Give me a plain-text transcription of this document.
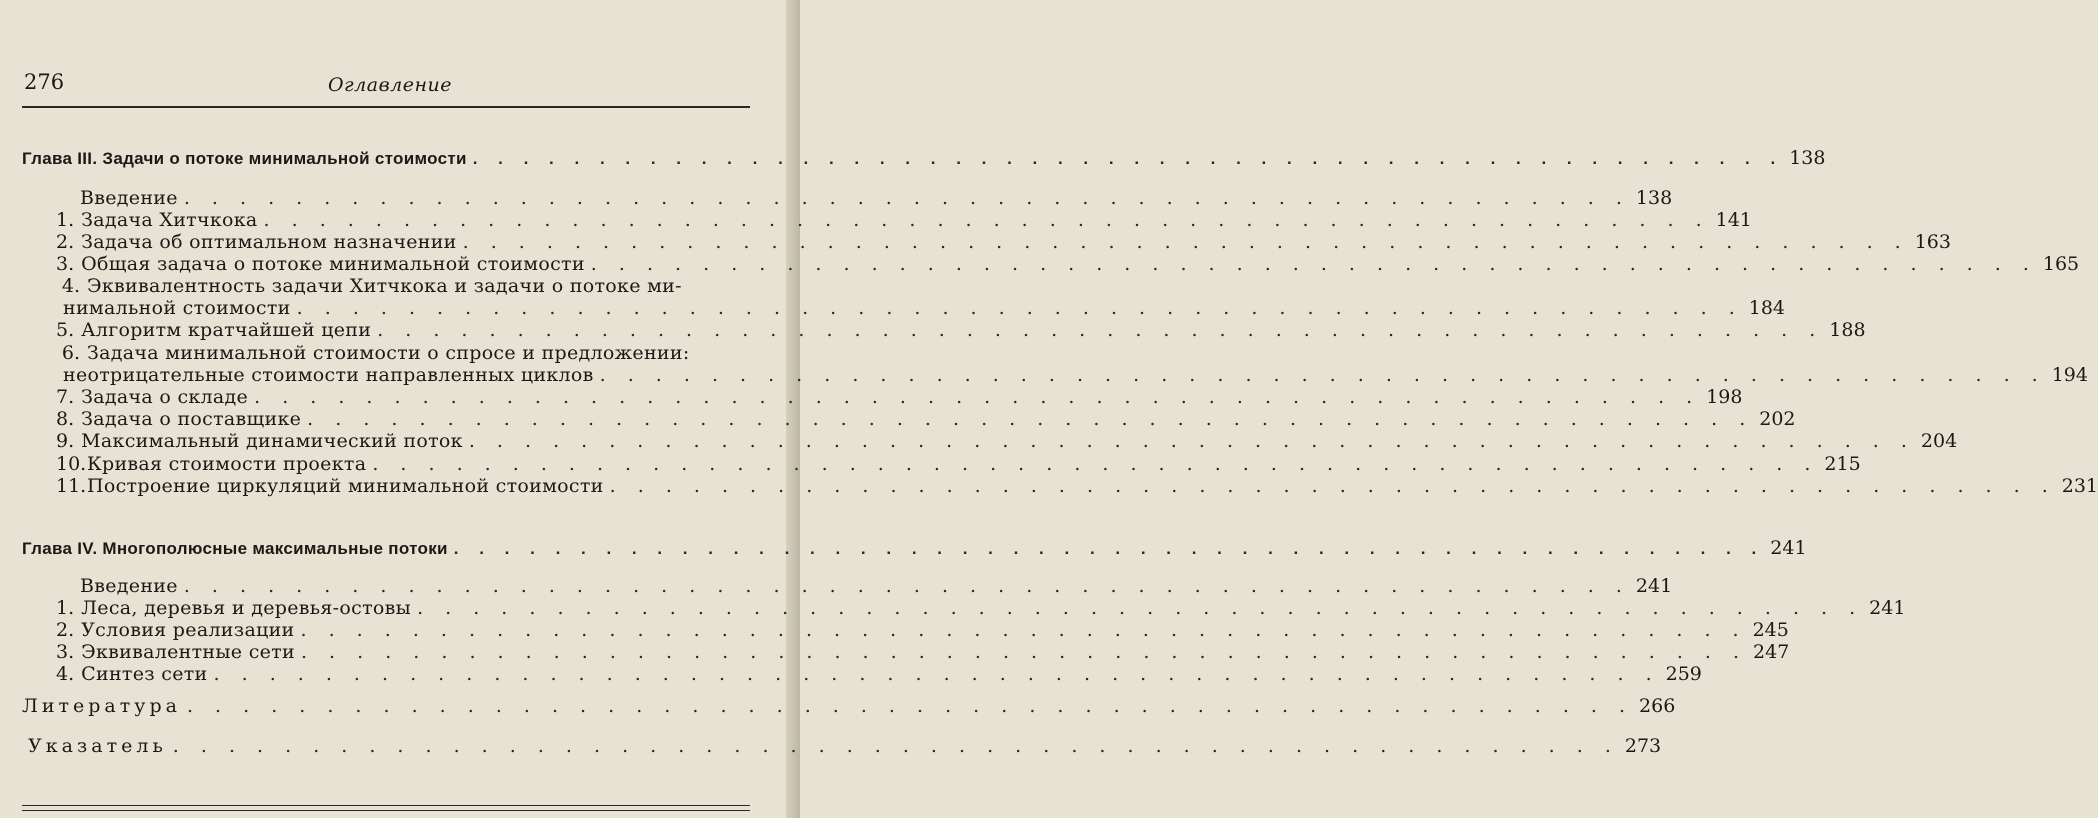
276	Оглавление
Глава III. Задачи о потоке минимальной стоимости . . . . . . . . . . . . . . . . . . . . . . . . . . . . . . . . . . . . . . . . . . . . . . . . . . . . 138
Введение . . . . . . . . . . . . . . . . . . . . . . . . . . . . . . . . . . . . . . . . . . . . . . . . . . . . 138
1. Задача Хитчкока . . . . . . . . . . . . . . . . . . . . . . . . . . . . . . . . . . . . . . . . . . . . . . . . . . . . 141
2. Задача об оптимальном назначении . . . . . . . . . . . . . . . . . . . . . . . . . . . . . . . . . . . . . . . . . . . . . . . . . . . . 163
3. Общая задача о потоке минимальной стоимости . . . . . . . . . . . . . . . . . . . . . . . . . . . . . . . . . . . . . . . . . . . . . . . . . . . . 165
4. Эквивалентность задачи Хитчкока и задачи о потоке ми-
нимальной стоимости . . . . . . . . . . . . . . . . . . . . . . . . . . . . . . . . . . . . . . . . . . . . . . . . . . . . 184
5. Алгоритм кратчайшей цепи . . . . . . . . . . . . . . . . . . . . . . . . . . . . . . . . . . . . . . . . . . . . . . . . . . . . 188
6. Задача минимальной стоимости о спросе и предложении:
неотрицательные стоимости направленных циклов . . . . . . . . . . . . . . . . . . . . . . . . . . . . . . . . . . . . . . . . . . . . . . . . . . . . 194
7. Задача о складе . . . . . . . . . . . . . . . . . . . . . . . . . . . . . . . . . . . . . . . . . . . . . . . . . . . . 198
8. Задача о поставщике . . . . . . . . . . . . . . . . . . . . . . . . . . . . . . . . . . . . . . . . . . . . . . . . . . . . 202
9. Максимальный динамический поток . . . . . . . . . . . . . . . . . . . . . . . . . . . . . . . . . . . . . . . . . . . . . . . . . . . . 204
10. Кривая стоимости проекта . . . . . . . . . . . . . . . . . . . . . . . . . . . . . . . . . . . . . . . . . . . . . . . . . . . . 215
11. Построение циркуляций минимальной стоимости . . . . . . . . . . . . . . . . . . . . . . . . . . . . . . . . . . . . . . . . . . . . . . . . . . . . 231
Глава IV. Многополюсные максимальные потоки . . . . . . . . . . . . . . . . . . . . . . . . . . . . . . . . . . . . . . . . . . . . . . . . . . . . 241
Введение . . . . . . . . . . . . . . . . . . . . . . . . . . . . . . . . . . . . . . . . . . . . . . . . . . . . 241
1. Леса, деревья и деревья-остовы . . . . . . . . . . . . . . . . . . . . . . . . . . . . . . . . . . . . . . . . . . . . . . . . . . . . 241
2. Условия реализации . . . . . . . . . . . . . . . . . . . . . . . . . . . . . . . . . . . . . . . . . . . . . . . . . . . . 245
3. Эквивалентные сети . . . . . . . . . . . . . . . . . . . . . . . . . . . . . . . . . . . . . . . . . . . . . . . . . . . . 247
4. Синтез сети . . . . . . . . . . . . . . . . . . . . . . . . . . . . . . . . . . . . . . . . . . . . . . . . . . . . 259
Литература . . . . . . . . . . . . . . . . . . . . . . . . . . . . . . . . . . . . . . . . . . . . . . . . . . . . 266
Указатель . . . . . . . . . . . . . . . . . . . . . . . . . . . . . . . . . . . . . . . . . . . . . . . . . . . . 273
